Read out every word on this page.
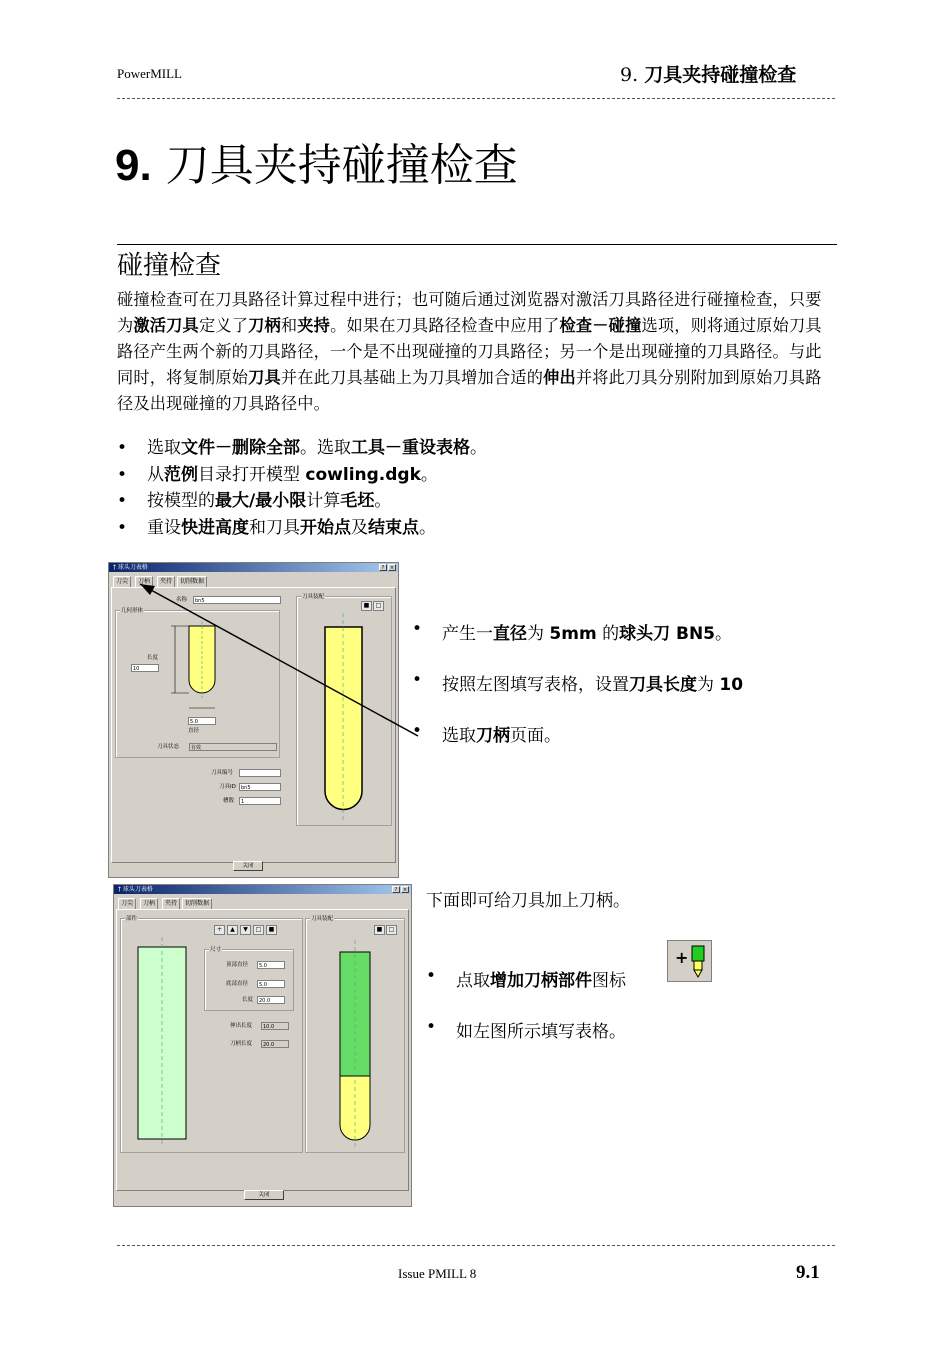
PowerMILL	9. 刀具夹持碰撞检查
9. 刀具夹持碰撞检查
碰撞检查
碰撞检查可在刀具路径计算过程中进行；也可随后通过浏览器对激活刀具路径进行碰撞检查，只要为激活刀具定义了刀柄和夹持。如果在刀具路径检查中应用了检查－碰撞选项，则将通过原始刀具路径产生两个新的刀具路径，一个是不出现碰撞的刀具路径；另一个是出现碰撞的刀具路径。与此同时，将复制原始刀具并在此刀具基础上为刀具增加合适的伸出并将此刀具分别附加到原始刀具路径及出现碰撞的刀具路径中。
• 选取文件－删除全部。选取工具－重设表格。
• 从范例目录打开模型 cowling.dgk。
• 按模型的最大/最小限计算毛坯。
• 重设快进高度和刀具开始点及结束点。
† 球头刀表格	?	×
刀尖	刀柄	夹持	切削数据
名称	bn5
几何形体
长度
10
5.0
直径
刀具状态	有效
刀具编号
刀具ID	bn5
槽数	1
刀具装配
■	□
关闭
• 产生一直径为 5mm 的球头刀 BN5。
• 按照左图填写表格，设置刀具长度为 10
• 选取刀柄页面。
† 球头刀表格	?	×
刀尖	刀柄	夹持	切削数据
部件
+	▲	▼	□	■
尺寸
顶部直径	5.0
底部直径	5.0
长度	20.0
伸出长度	10.0
刀柄长度	20.0
刀具装配
■	□
关闭
下面即可给刀具加上刀柄。
• 点取增加刀柄部件图标
• 如左图所示填写表格。
+
Issue PMILL 8	9.1
